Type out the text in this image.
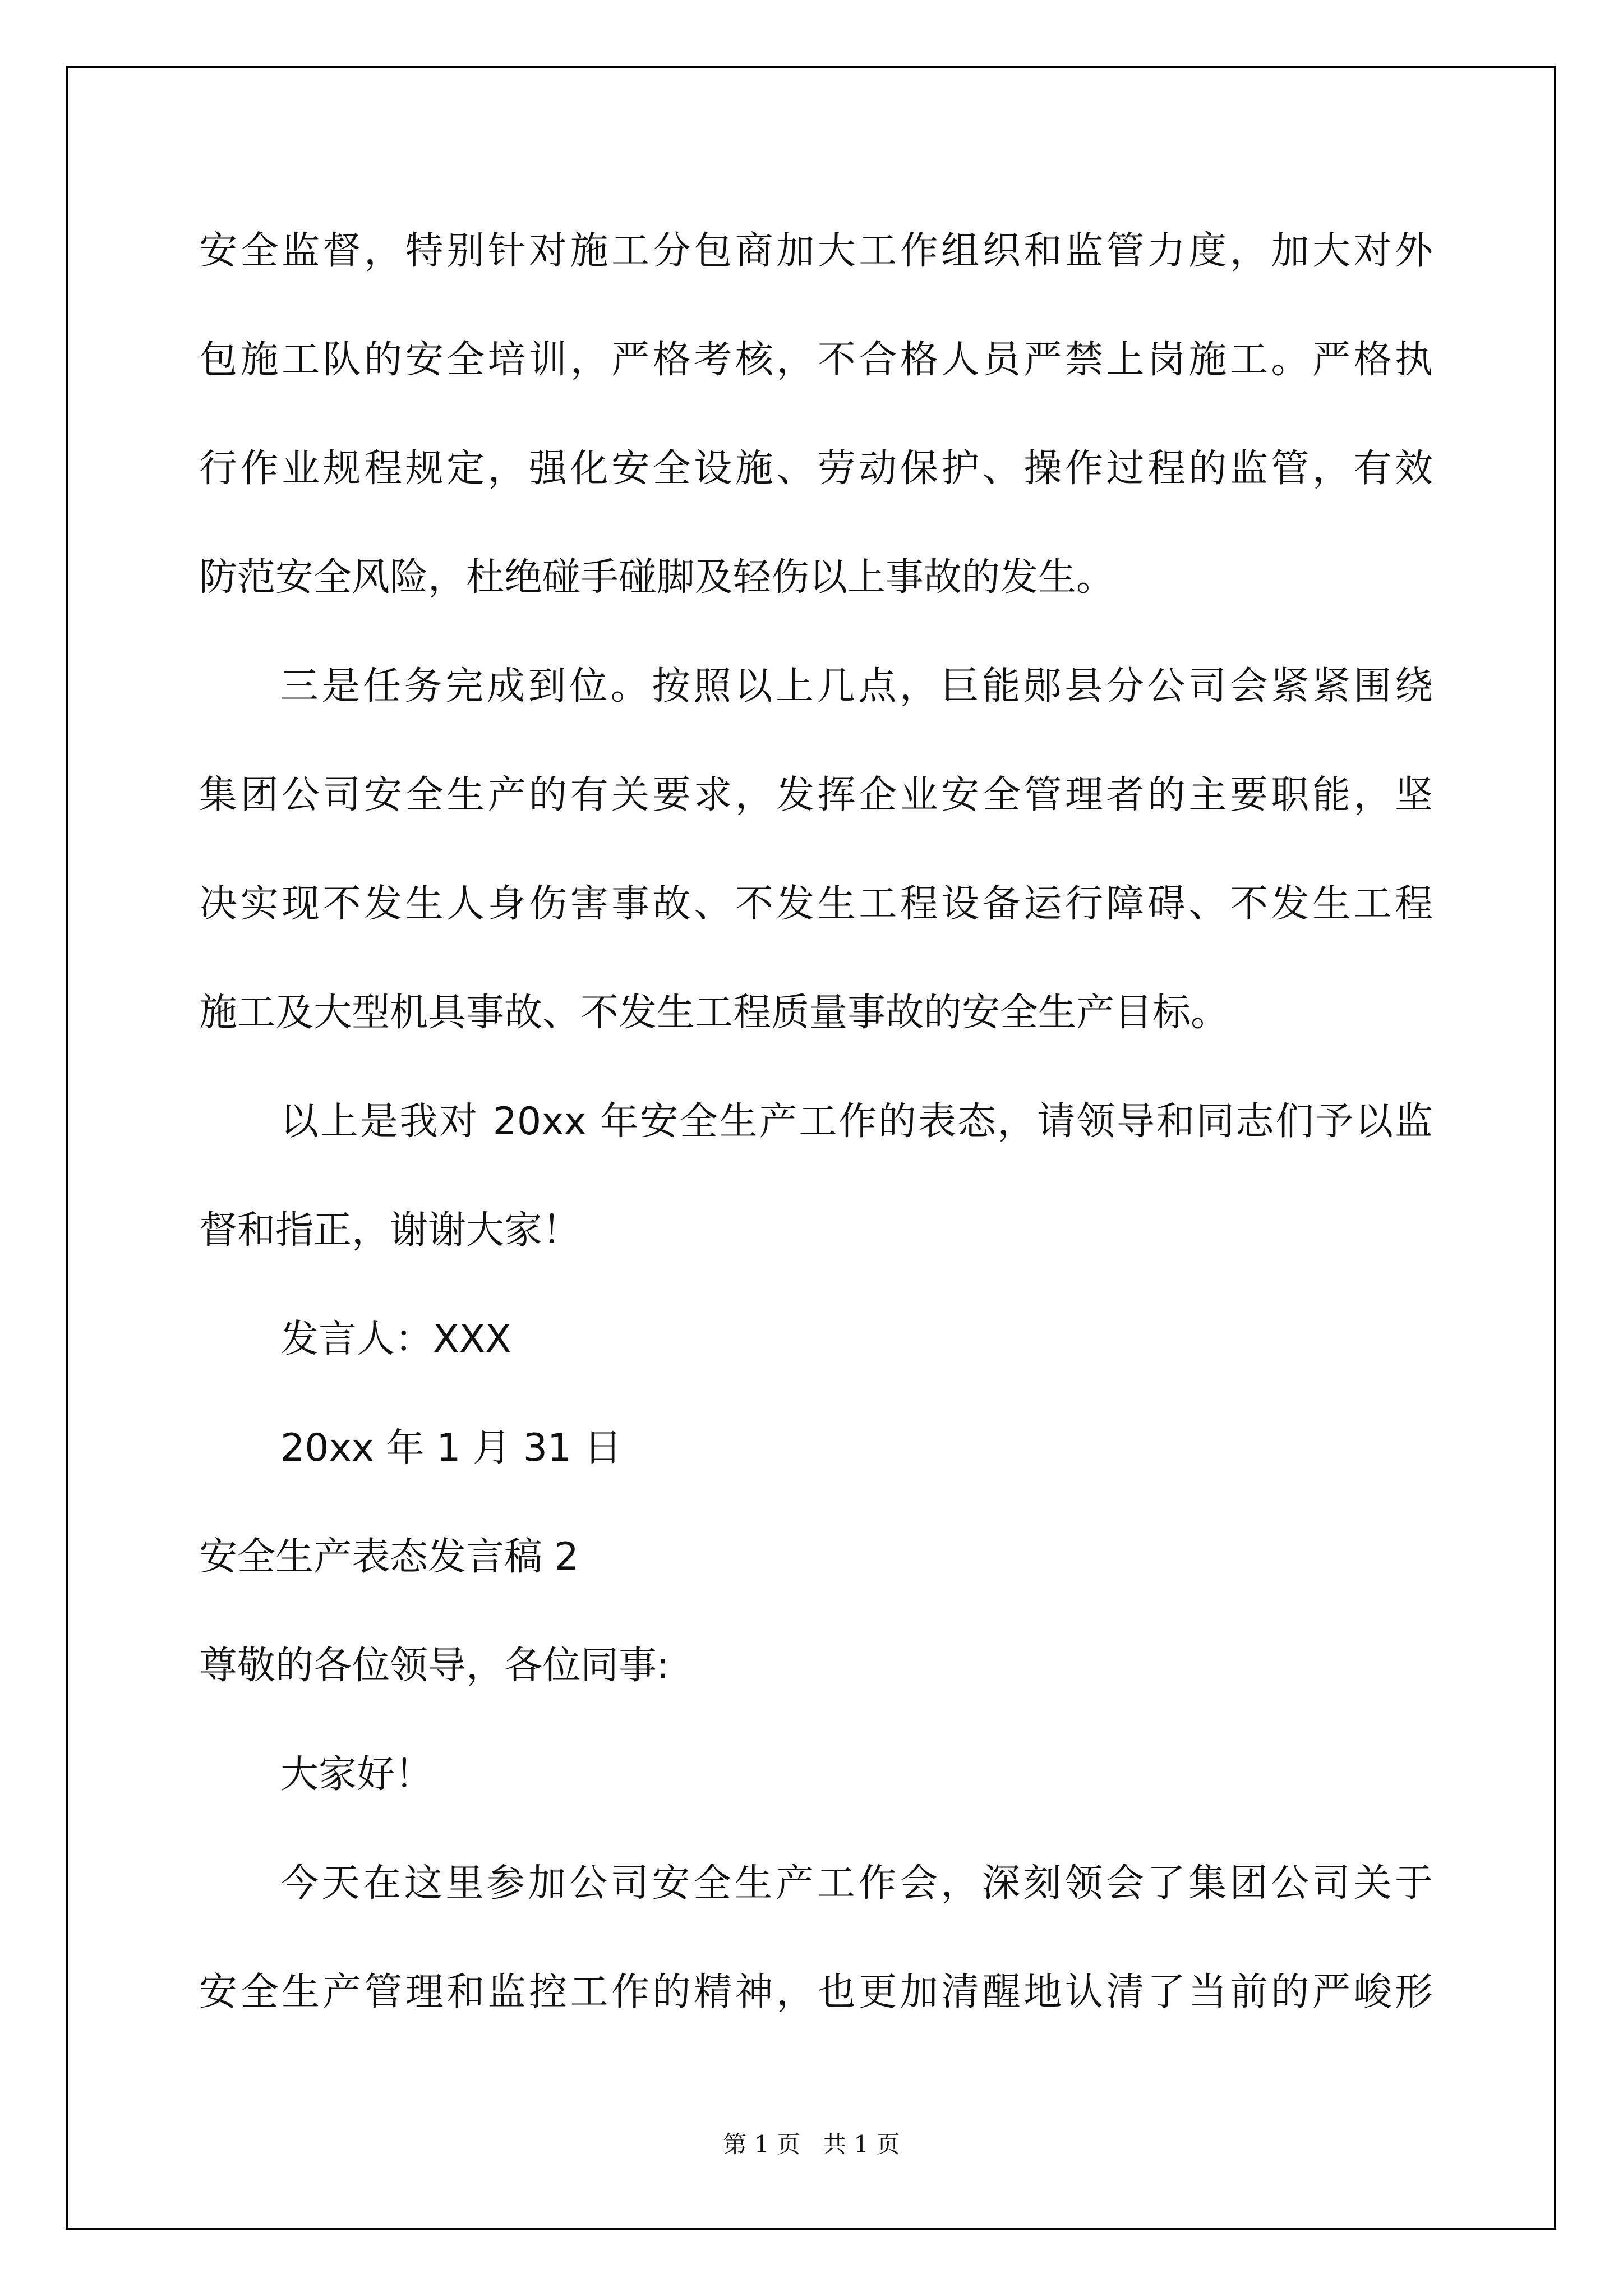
安全监督，特别针对施工分包商加大工作组织和监管力度，加大对外
包施工队的安全培训，严格考核，不合格人员严禁上岗施工。严格执
行作业规程规定，强化安全设施、劳动保护、操作过程的监管，有效
防范安全风险，杜绝碰手碰脚及轻伤以上事故的发生。
三是任务完成到位。按照以上几点，巨能郧县分公司会紧紧围绕
集团公司安全生产的有关要求，发挥企业安全管理者的主要职能，坚
决实现不发生人身伤害事故、不发生工程设备运行障碍、不发生工程
施工及大型机具事故、不发生工程质量事故的安全生产目标。
以上是我对 20xx 年安全生产工作的表态，请领导和同志们予以监
督和指正，谢谢大家！
发言人：XXX
20xx 年 1 月 31 日
安全生产表态发言稿 2
尊敬的各位领导，各位同事:
大家好！
今天在这里参加公司安全生产工作会，深刻领会了集团公司关于
安全生产管理和监控工作的精神，也更加清醒地认清了当前的严峻形
第 1 页   共 1 页
